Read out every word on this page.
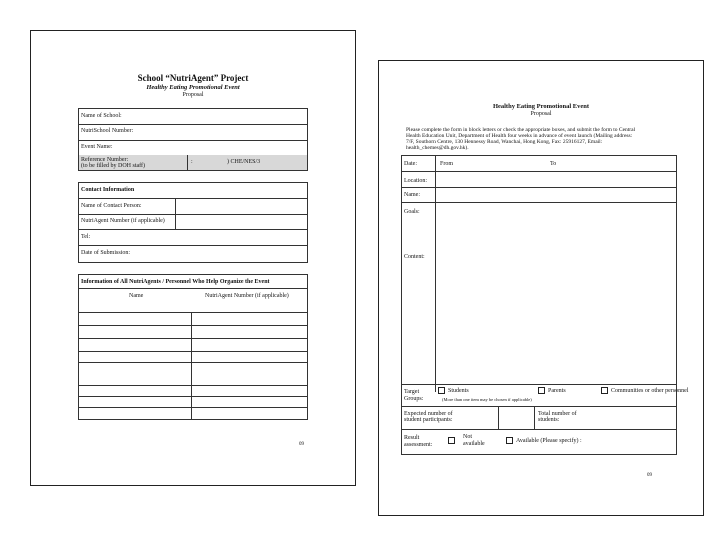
School “NutriAgent” Project
Healthy Eating Promotional Event
Proposal
Name of School:
NutriSchool Number:
Event Name:
Reference Number:
(to be filled by DOH staff)
:	) CHE/NES/3
Contact Information
Name of Contact Person:
NutriAgent Number (if applicable)
Tel:
Date of Submission:
Information of All NutriAgents / Personnel Who Help Organize the Event
Name	NutriAgent Number (if applicable)
09
Healthy Eating Promotional Event
Proposal
Please complete the form in block letters or check the appropriate boxes, and submit the form to Central
Health Education Unit, Department of Health four weeks in advance of event launch (Mailing address:
7/F, Southorn Centre, 130 Hennessy Road, Wanchai, Hong Kong, Fax: 25916127, Email:
health_chemes@dh.gov.hk).
Date:	From	To
Location:
Name:
Goals:
Content:
Target
Groups:
Students	Parents	Communities or other personnel
(More than one item may be chosen if applicable)
Expected number of
student participants:
Total number of
students:
Result
assessment:
Not
available
Available (Please specify) :
09
